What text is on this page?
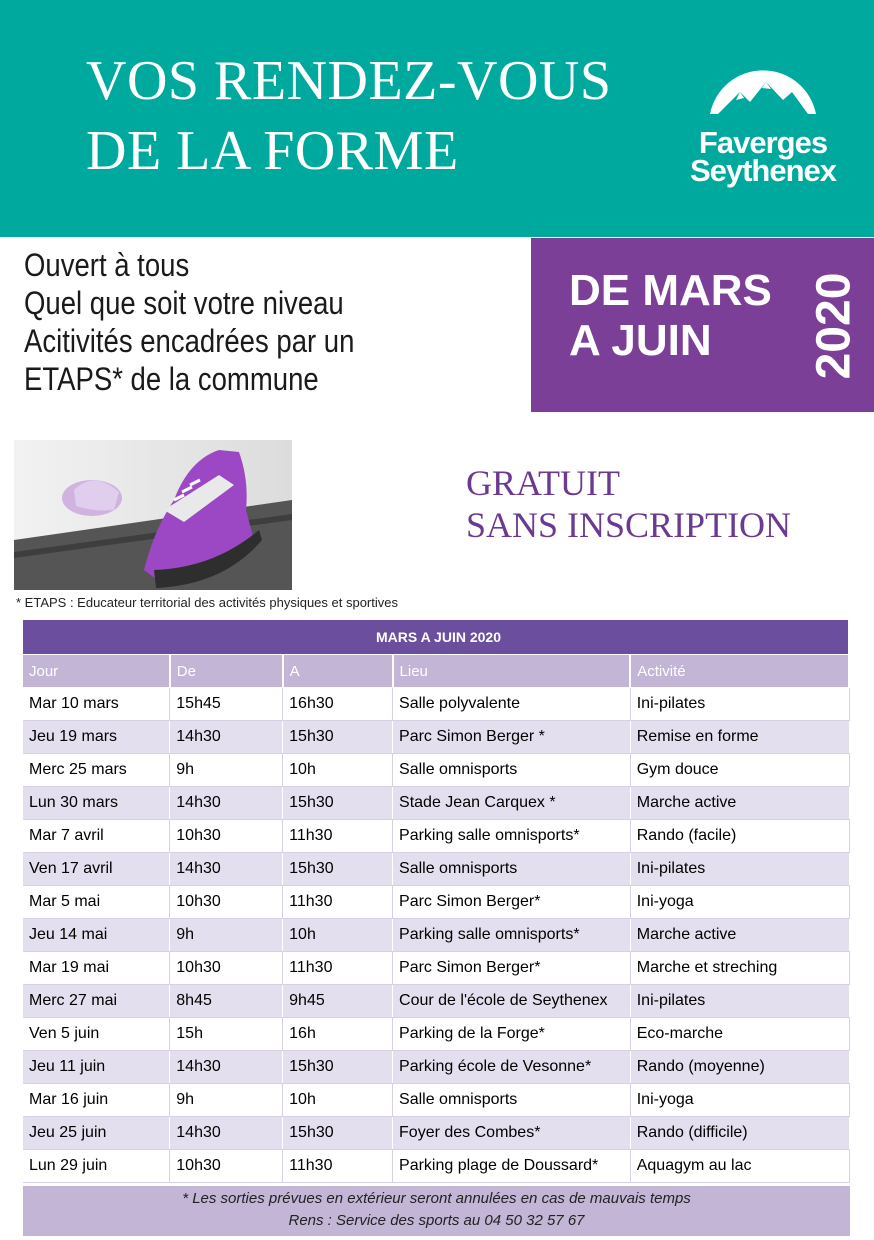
VOS RENDEZ-VOUS
DE LA FORME	Faverges
Seythenex
Ouvert à tous
Quel que soit votre niveau
Acitivités encadrées par un
ETAPS* de la commune
DE MARS
A JUIN	2020
GRATUIT
SANS INSCRIPTION
* ETAPS : Educateur territorial des activités physiques et sportives
MARS A JUIN 2020				
Jour	De	A	Lieu	Activité
Mar 10 mars	15h45	16h30	Salle polyvalente	Ini-pilates
Jeu 19 mars	14h30	15h30	Parc Simon Berger *	Remise en forme
Merc 25 mars	9h	10h	Salle omnisports	Gym douce
Lun 30 mars	14h30	15h30	Stade Jean Carquex *	Marche active
Mar 7 avril	10h30	11h30	Parking salle omnisports*	Rando (facile)
Ven 17 avril	14h30	15h30	Salle omnisports	Ini-pilates
Mar 5 mai	10h30	11h30	Parc Simon Berger*	Ini-yoga
Jeu 14 mai	9h	10h	Parking salle omnisports*	Marche active
Mar 19 mai	10h30	11h30	Parc Simon Berger*	Marche et streching
Merc 27 mai	8h45	9h45	Cour de l'école de Seythenex	Ini-pilates
Ven 5 juin	15h	16h	Parking de la Forge*	Eco-marche
Jeu 11 juin	14h30	15h30	Parking école de Vesonne*	Rando (moyenne)
Mar 16 juin	9h	10h	Salle omnisports	Ini-yoga
Jeu 25 juin	14h30	15h30	Foyer des Combes*	Rando (difficile)
Lun 29 juin	10h30	11h30	Parking plage de Doussard*	Aquagym au lac
* Les sorties prévues en extérieur seront annulées en cas de mauvais temps
Rens : Service des sports au 04 50 32 57 67
